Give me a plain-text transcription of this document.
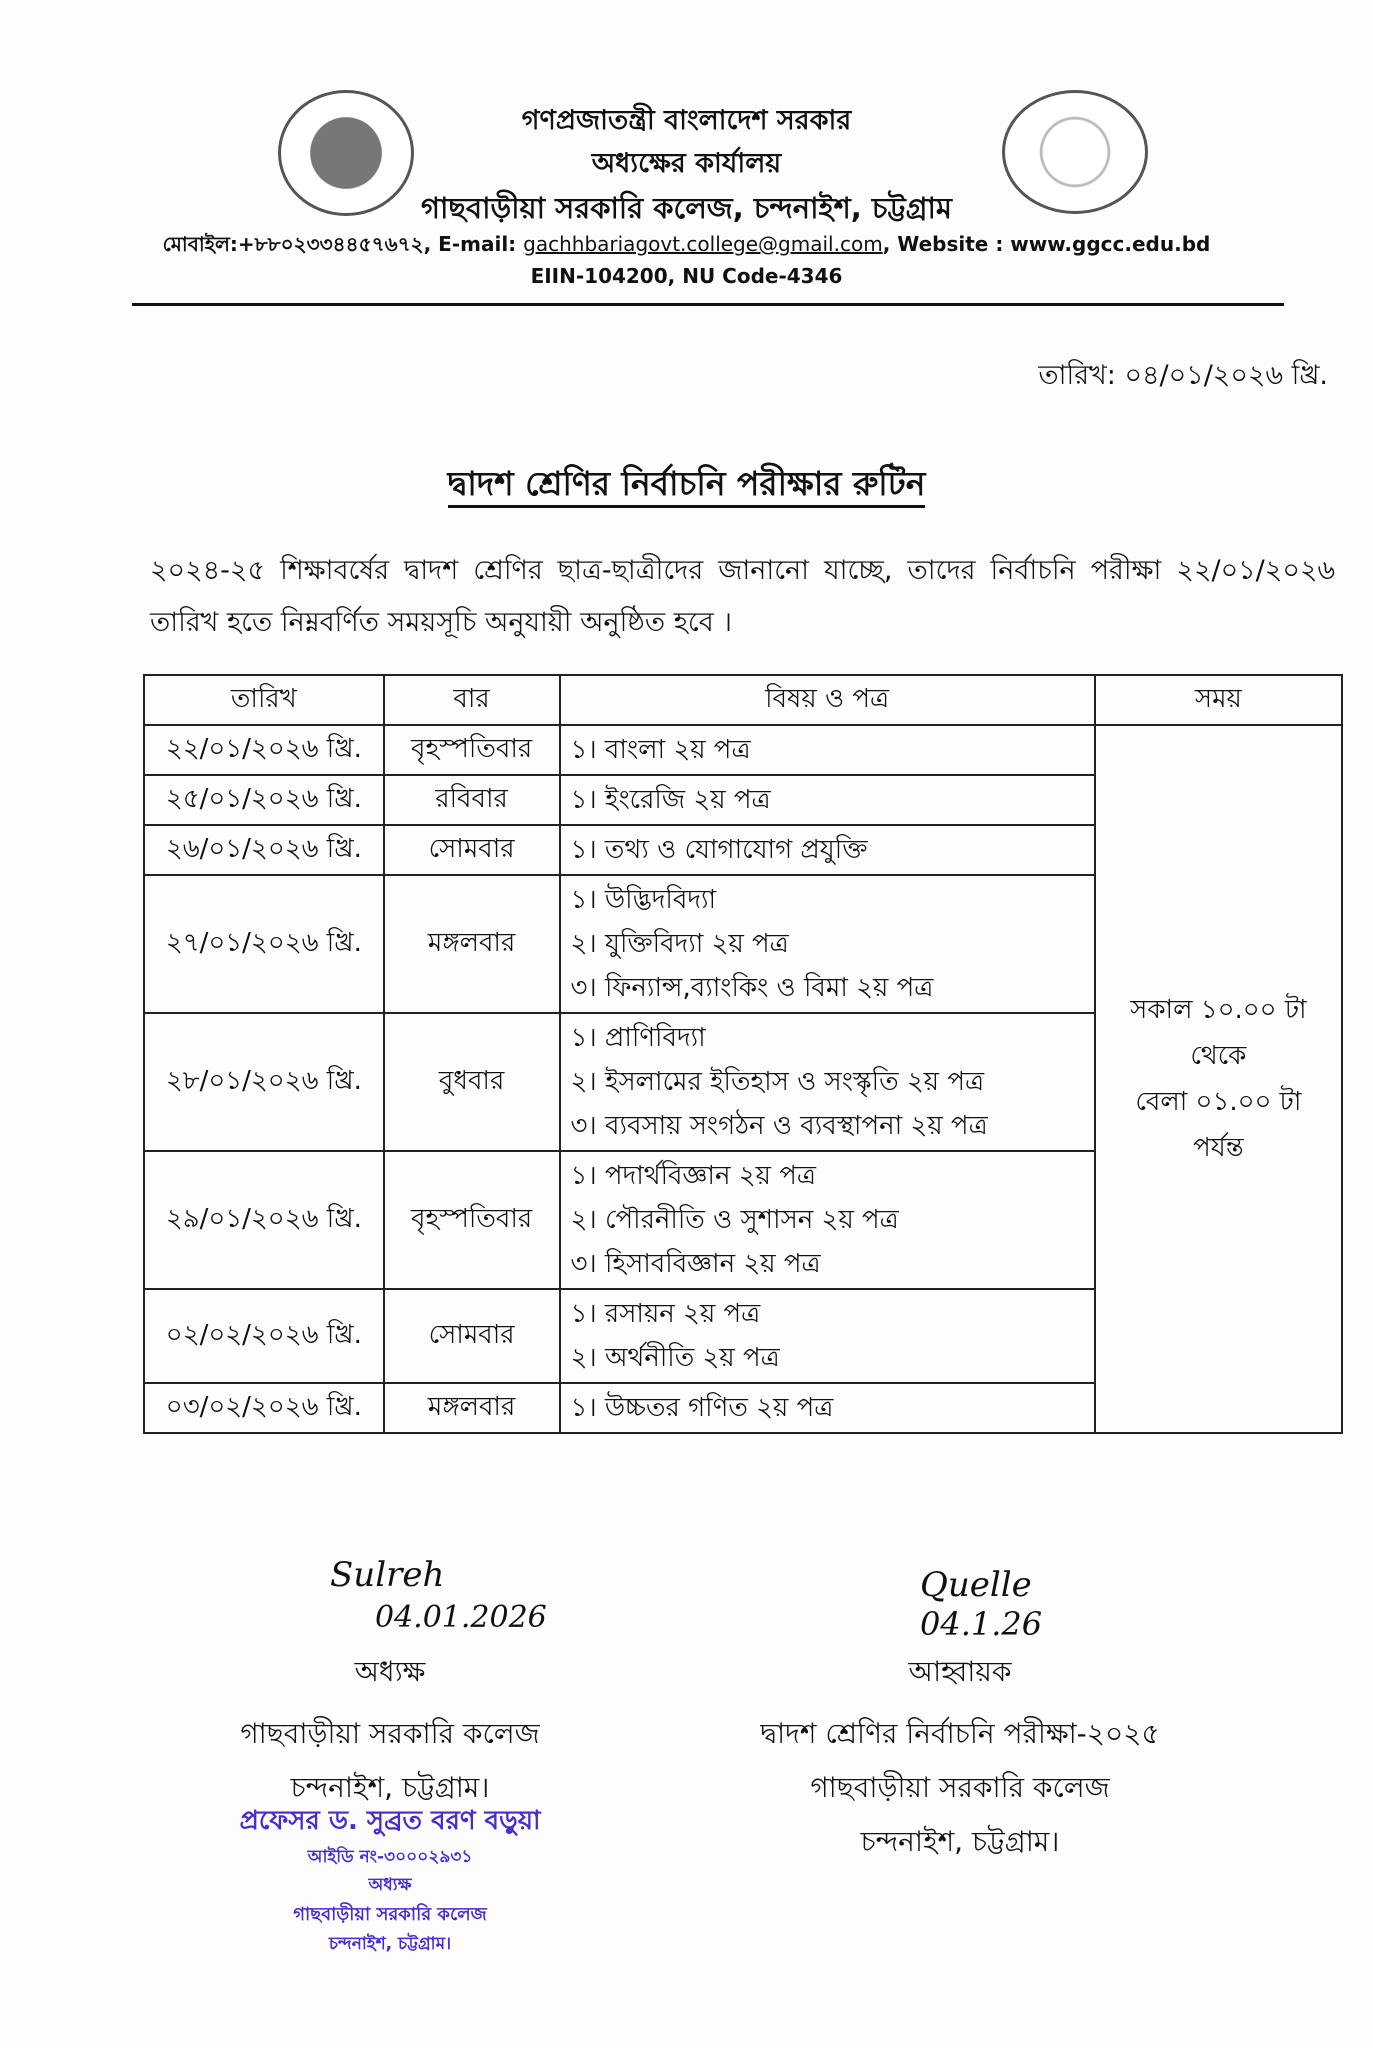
গণপ্রজাতন্ত্রী বাংলাদেশ সরকার
অধ্যক্ষের কার্যালয়
গাছবাড়ীয়া সরকারি কলেজ, চন্দনাইশ, চট্টগ্রাম
মোবাইল:+৮৮০২৩৩৪৪৫৭৬৭২, E-mail: gachhbariagovt.college@gmail.com, Website : www.ggcc.edu.bd
EIIN-104200, NU Code-4346
তারিখ: ০৪/০১/২০২৬ খ্রি.
দ্বাদশ শ্রেণির নির্বাচনি পরীক্ষার রুটিন
২০২৪-২৫ শিক্ষাবর্ষের দ্বাদশ শ্রেণির ছাত্র-ছাত্রীদের জানানো যাচ্ছে, তাদের নির্বাচনি পরীক্ষা ২২/০১/২০২৬ তারিখ হতে নিম্নবর্ণিত সময়সূচি অনুযায়ী অনুষ্ঠিত হবে ।
তারিখ	বার	বিষয় ও পত্র	সময়
২২/০১/২০২৬ খ্রি.	বৃহস্পতিবার	১। বাংলা ২য় পত্র	সকাল ১০.০০ টা
থেকে
বেলা ০১.০০ টা
পর্যন্ত

২৫/০১/২০২৬ খ্রি.	রবিবার	১। ইংরেজি ২য় পত্র	

২৬/০১/২০২৬ খ্রি.	সোমবার	১। তথ্য ও যোগাযোগ প্রযুক্তি	

২৭/০১/২০২৬ খ্রি.	মঙ্গলবার	১। উদ্ভিদবিদ্যা
২। যুক্তিবিদ্যা ২য় পত্র
৩। ফিন্যান্স,ব্যাংকিং ও বিমা ২য় পত্র	

২৮/০১/২০২৬ খ্রি.	বুধবার	১। প্রাণিবিদ্যা
২। ইসলামের ইতিহাস ও সংস্কৃতি ২য় পত্র
৩। ব্যবসায় সংগঠন ও ব্যবস্থাপনা ২য় পত্র	

২৯/০১/২০২৬ খ্রি.	বৃহস্পতিবার	১। পদার্থবিজ্ঞান ২য় পত্র
২। পৌরনীতি ও সুশাসন ২য় পত্র
৩। হিসাববিজ্ঞান ২য় পত্র	

০২/০২/২০২৬ খ্রি.	সোমবার	১। রসায়ন ২য় পত্র
২। অর্থনীতি ২য় পত্র	

০৩/০২/২০২৬ খ্রি.	মঙ্গলবার	১। উচ্চতর গণিত ২য় পত্র	
Sulreh
04.01.2026
অধ্যক্ষ
গাছবাড়ীয়া সরকারি কলেজ
চন্দনাইশ, চট্টগ্রাম।
প্রফেসর ড. সুব্রত বরণ বড়ুয়া
আইডি নং-৩০০০২৯৩১
অধ্যক্ষ
গাছবাড়ীয়া সরকারি কলেজ
চন্দনাইশ, চট্টগ্রাম।
Quelle
04.1.26
আহ্বায়ক
দ্বাদশ শ্রেণির নির্বাচনি পরীক্ষা-২০২৫
গাছবাড়ীয়া সরকারি কলেজ
চন্দনাইশ, চট্টগ্রাম।
